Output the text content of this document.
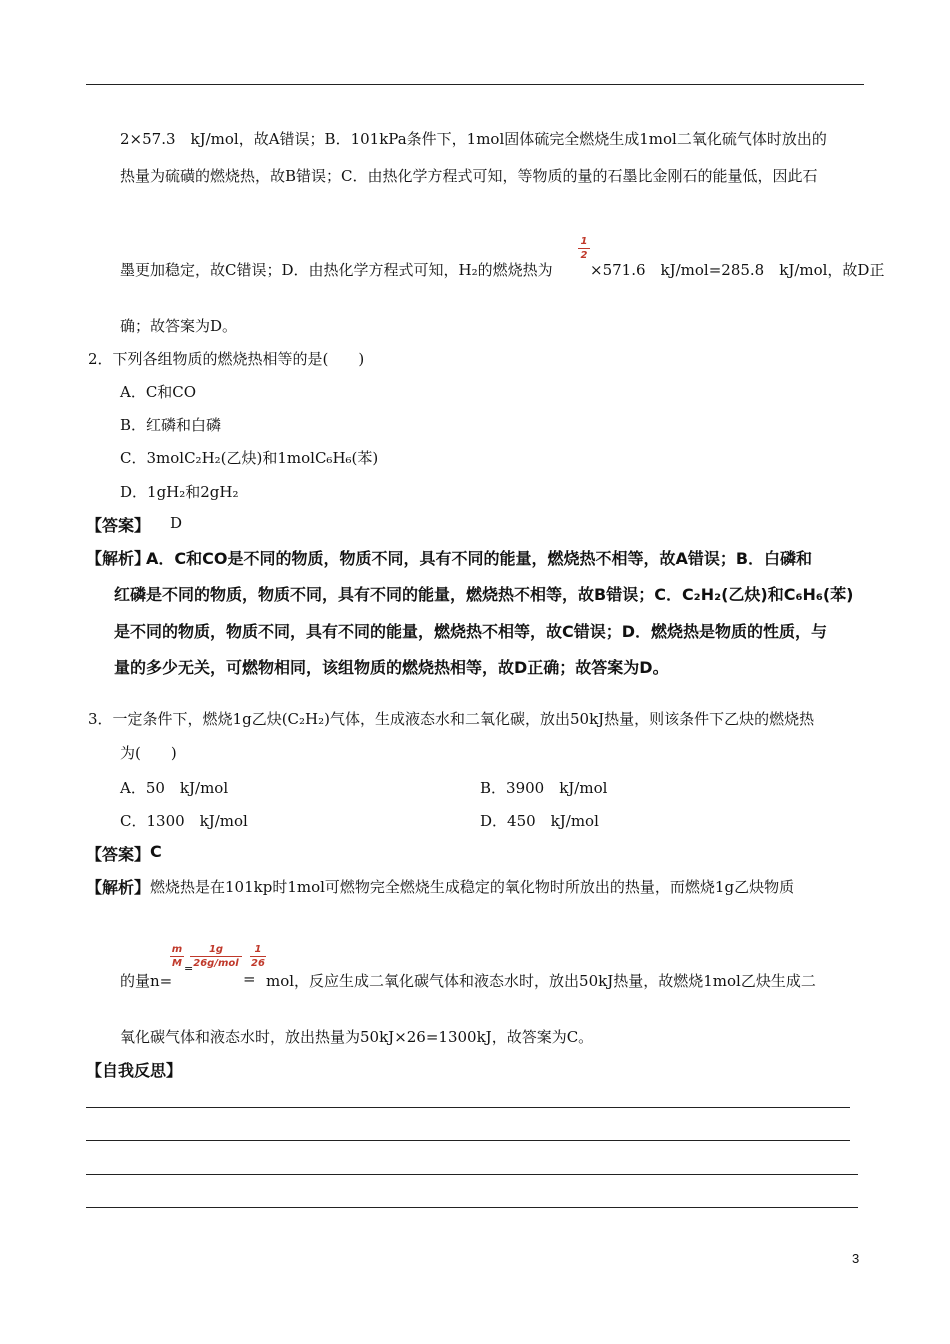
2×57.3　kJ/mol，故A错误；B．101kPa条件下，1mol固体硫完全燃烧生成1mol二氧化硫气体时放出的
热量为硫磺的燃烧热，故B错误；C．由热化学方程式可知，等物质的量的石墨比金刚石的能量低，因此石
1
2
墨更加稳定，故C错误；D．由热化学方程式可知，H₂的燃烧热为 ×571.6　kJ/mol=285.8　kJ/mol，故D正
确；故答案为D。
2．下列各组物质的燃烧热相等的是(　　)
A．C和CO
B．红磷和白磷
C．3molC₂H₂(乙炔)和1molC₆H₆(苯)
D．1gH₂和2gH₂
【答案】 D
【解析】
A．C和CO是不同的物质，物质不同，具有不同的能量，燃烧热不相等，故A错误；B．白磷和
红磷是不同的物质，物质不同，具有不同的能量，燃烧热不相等，故B错误；C．C₂H₂(乙炔)和C₆H₆(苯)
是不同的物质，物质不同，具有不同的能量，燃烧热不相等，故C错误；D．燃烧热是物质的性质，与
量的多少无关，可燃物相同，该组物质的燃烧热相等，故D正确；故答案为D。
3．一定条件下，燃烧1g乙炔(C₂H₂)气体，生成液态水和二氧化碳，放出50kJ热量，则该条件下乙炔的燃烧热
为(　　)
A．50　kJ/mol	B．3900　kJ/mol
C．1300　kJ/mol	D．450　kJ/mol
【答案】 C
【解析】 燃烧热是在101kp时1mol可燃物完全燃烧生成稳定的氧化物时所放出的热量，而燃烧1g乙炔物质
m
M
1g
26g/mol
1
26
的量n=
=
= mol，反应生成二氧化碳气体和液态水时，放出50kJ热量，故燃烧1mol乙炔生成二
氧化碳气体和液态水时，放出热量为50kJ×26=1300kJ，故答案为C。
【自我反思】
3
